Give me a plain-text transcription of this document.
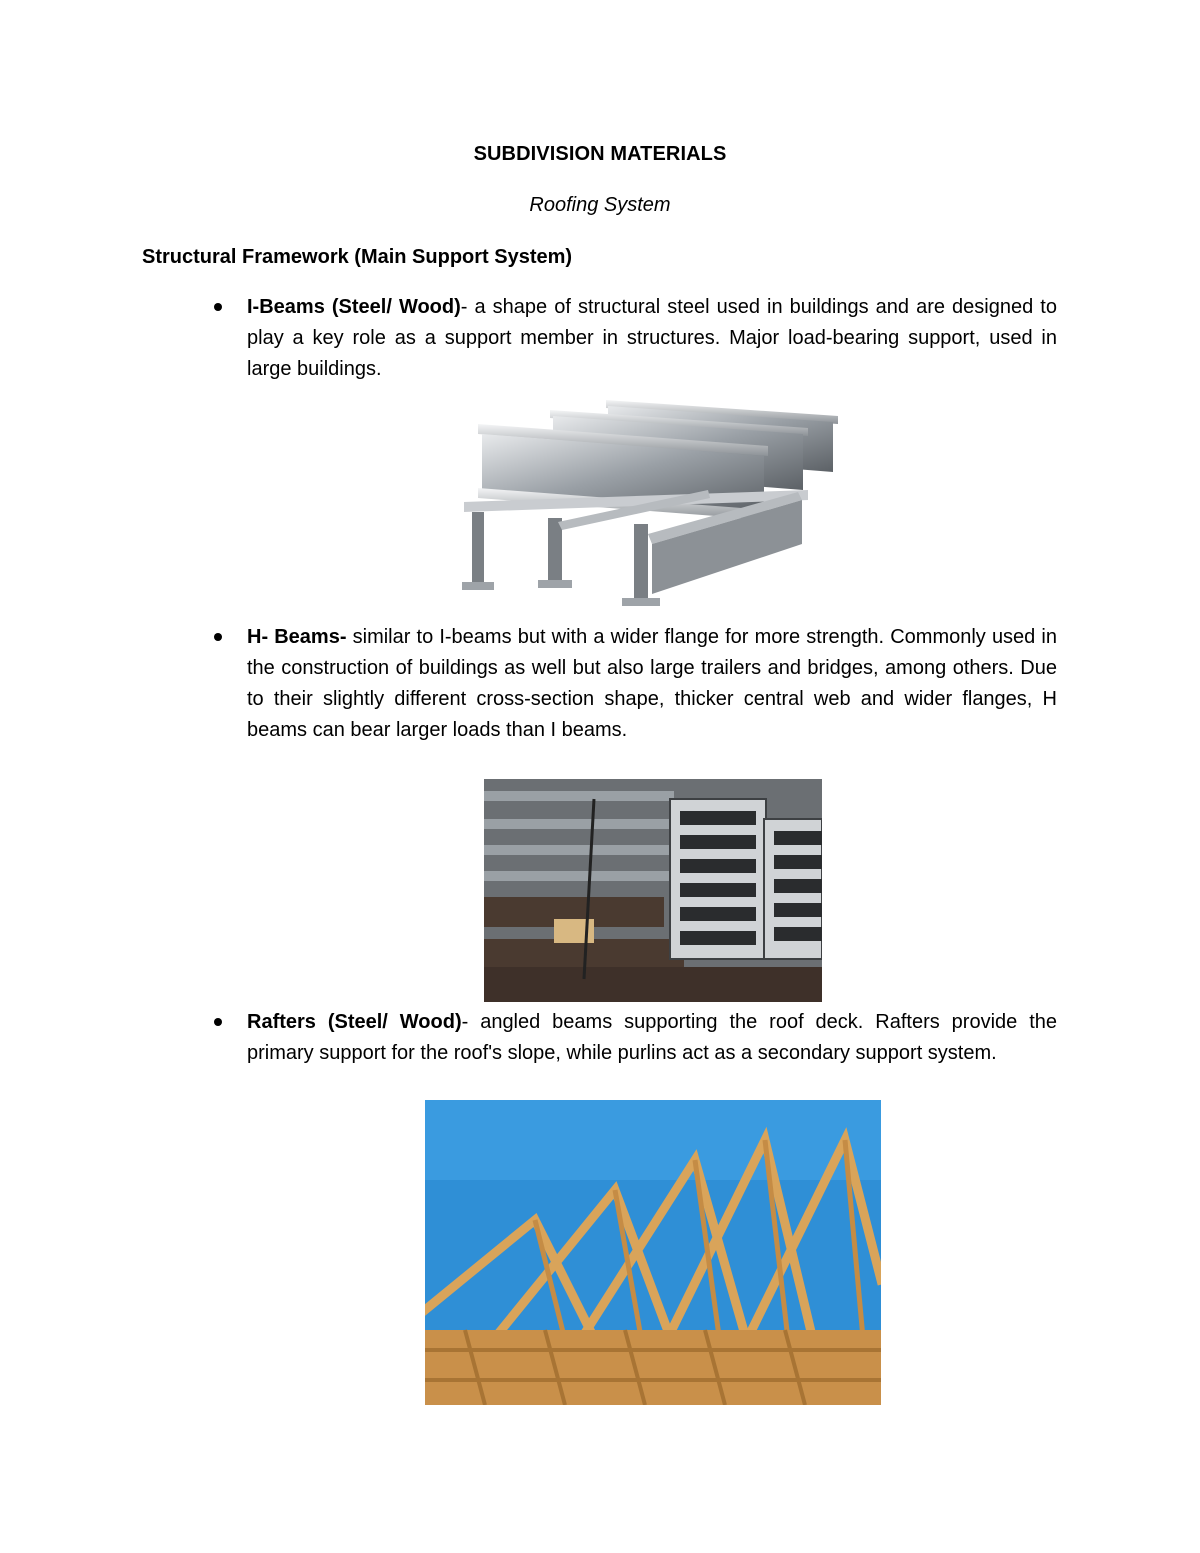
SUBDIVISION MATERIALS
Roofing System
Structural Framework (Main Support System)
I-Beams (Steel/ Wood)- a shape of structural steel used in buildings and are designed to play a key role as a support member in structures. Major load-bearing support, used in large buildings.
H- Beams- similar to I-beams but with a wider flange for more strength. Commonly used in the construction of buildings as well but also large trailers and bridges, among others. Due to their slightly different cross-section shape, thicker central web and wider flanges, H beams can bear larger loads than I beams.
Rafters (Steel/ Wood)- angled beams supporting the roof deck. Rafters provide the primary support for the roof's slope, while purlins act as a secondary support system.
